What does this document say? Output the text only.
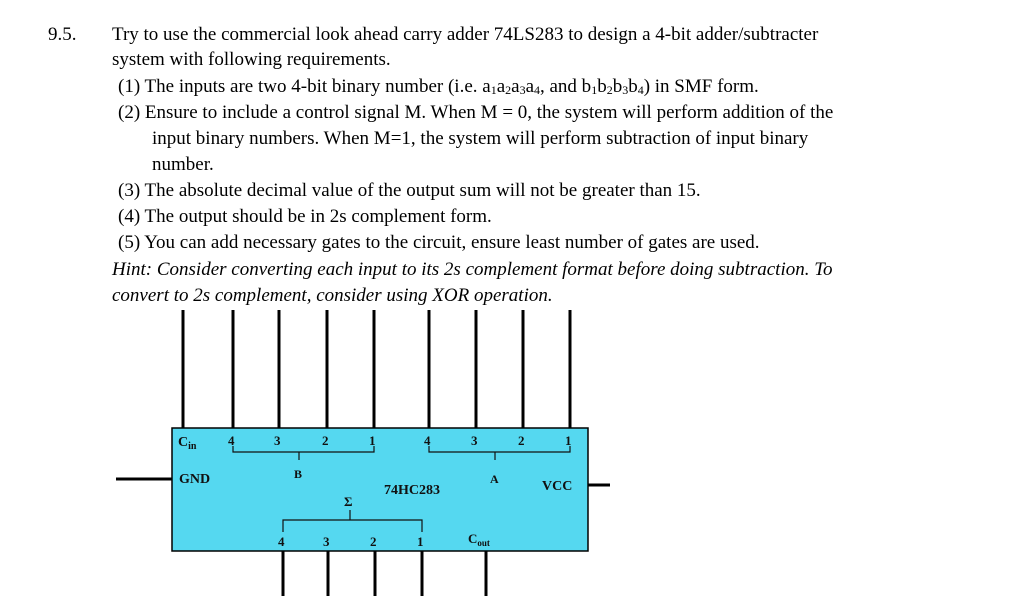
9.5. Try to use the commercial look ahead carry adder 74LS283 to design a 4-bit adder/subtracter
system with following requirements.
(1) The inputs are two 4-bit binary number (i.e. $a_1a_2a_3a_4$, and $b_1b_2b_3b_4$) in SMF form.
(2) Ensure to include a control signal M. When M = 0, the system will perform addition of the
input binary numbers. When M=1, the system will perform subtraction of input binary
number.
(3) The absolute decimal value of the output sum will not be greater than 15.
(4) The output should be in 2s complement form.
(5) You can add necessary gates to the circuit, ensure least number of gates are used.
Hint: Consider converting each input to its 2s complement format before doing subtraction. To
convert to 2s complement, consider using XOR operation.
$C_{in}$ 4	3	2	1	4	3	2	1
B	A
GND	VCC
74HC283
Σ
4	3	2	1	$C_{out}$
